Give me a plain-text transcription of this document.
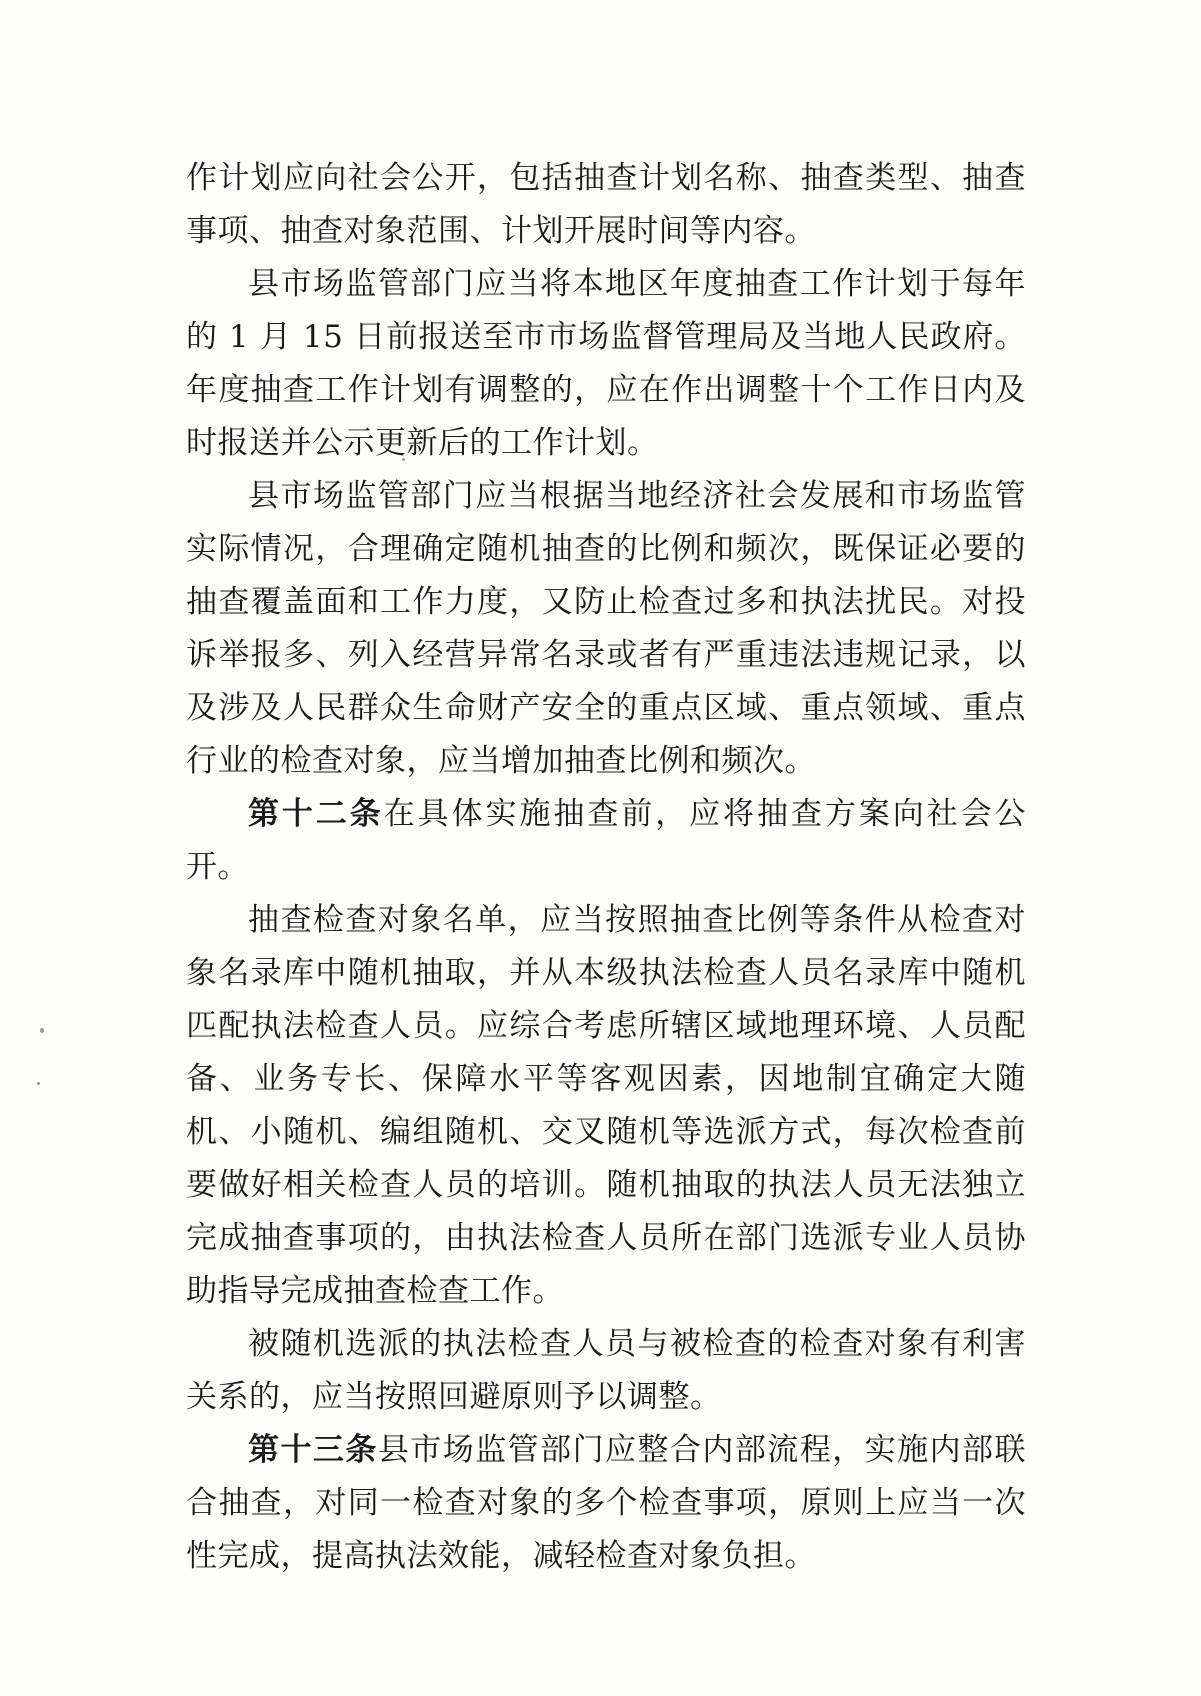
作计划应向社会公开，包括抽查计划名称、抽查类型、抽查事项、抽查对象范围、计划开展时间等内容。

县市场监管部门应当将本地区年度抽查工作计划于每年的 1 月 15 日前报送至市市场监督管理局及当地人民政府。年度抽查工作计划有调整的，应在作出调整十个工作日内及时报送并公示更新后的工作计划。

县市场监管部门应当根据当地经济社会发展和市场监管实际情况，合理确定随机抽查的比例和频次，既保证必要的抽查覆盖面和工作力度，又防止检查过多和执法扰民。对投诉举报多、列入经营异常名录或者有严重违法违规记录，以及涉及人民群众生命财产安全的重点区域、重点领域、重点行业的检查对象，应当增加抽查比例和频次。

第十二条在具体实施抽查前，应将抽查方案向社会公开。

抽查检查对象名单，应当按照抽查比例等条件从检查对象名录库中随机抽取，并从本级执法检查人员名录库中随机匹配执法检查人员。应综合考虑所辖区域地理环境、人员配备、业务专长、保障水平等客观因素，因地制宜确定大随机、小随机、编组随机、交叉随机等选派方式，每次检查前要做好相关检查人员的培训。随机抽取的执法人员无法独立完成抽查事项的，由执法检查人员所在部门选派专业人员协助指导完成抽查检查工作。

被随机选派的执法检查人员与被检查的检查对象有利害关系的，应当按照回避原则予以调整。

第十三条县市场监管部门应整合内部流程，实施内部联合抽查，对同一检查对象的多个检查事项，原则上应当一次性完成，提高执法效能，减轻检查对象负担。
